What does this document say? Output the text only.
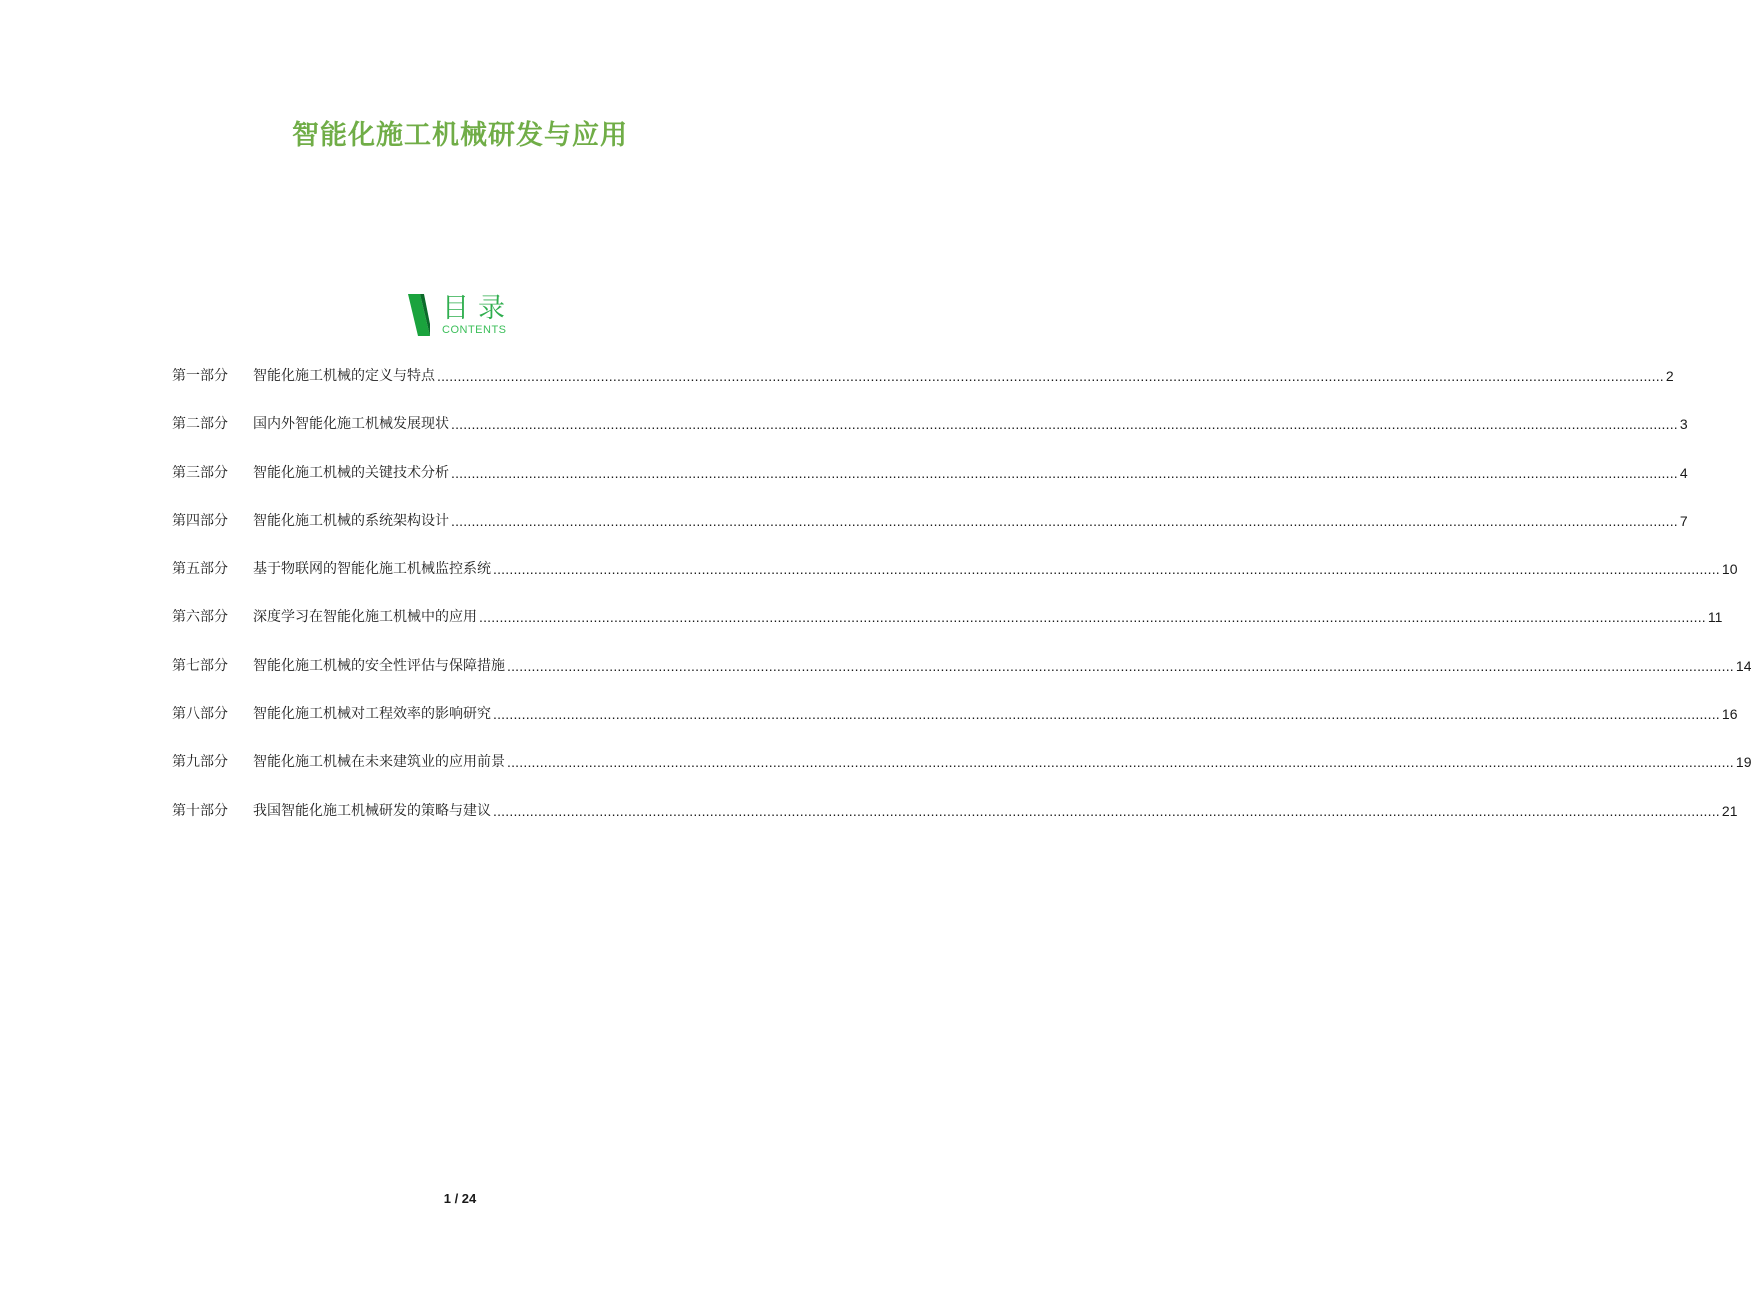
智能化施工机械研发与应用
目录
CONTENTS
第一部分	智能化施工机械的定义与特点 ............................................................................................................................................................................................................................................................................................................ 2
第二部分	国内外智能化施工机械发展现状 ............................................................................................................................................................................................................................................................................................................ 3
第三部分	智能化施工机械的关键技术分析 ............................................................................................................................................................................................................................................................................................................ 4
第四部分	智能化施工机械的系统架构设计 ............................................................................................................................................................................................................................................................................................................ 7
第五部分	基于物联网的智能化施工机械监控系统 ............................................................................................................................................................................................................................................................................................................ 10
第六部分	深度学习在智能化施工机械中的应用 ............................................................................................................................................................................................................................................................................................................ 11
第七部分	智能化施工机械的安全性评估与保障措施 ............................................................................................................................................................................................................................................................................................................ 14
第八部分	智能化施工机械对工程效率的影响研究 ............................................................................................................................................................................................................................................................................................................ 16
第九部分	智能化施工机械在未来建筑业的应用前景 ............................................................................................................................................................................................................................................................................................................ 19
第十部分	我国智能化施工机械研发的策略与建议 ............................................................................................................................................................................................................................................................................................................ 21
1 / 24
